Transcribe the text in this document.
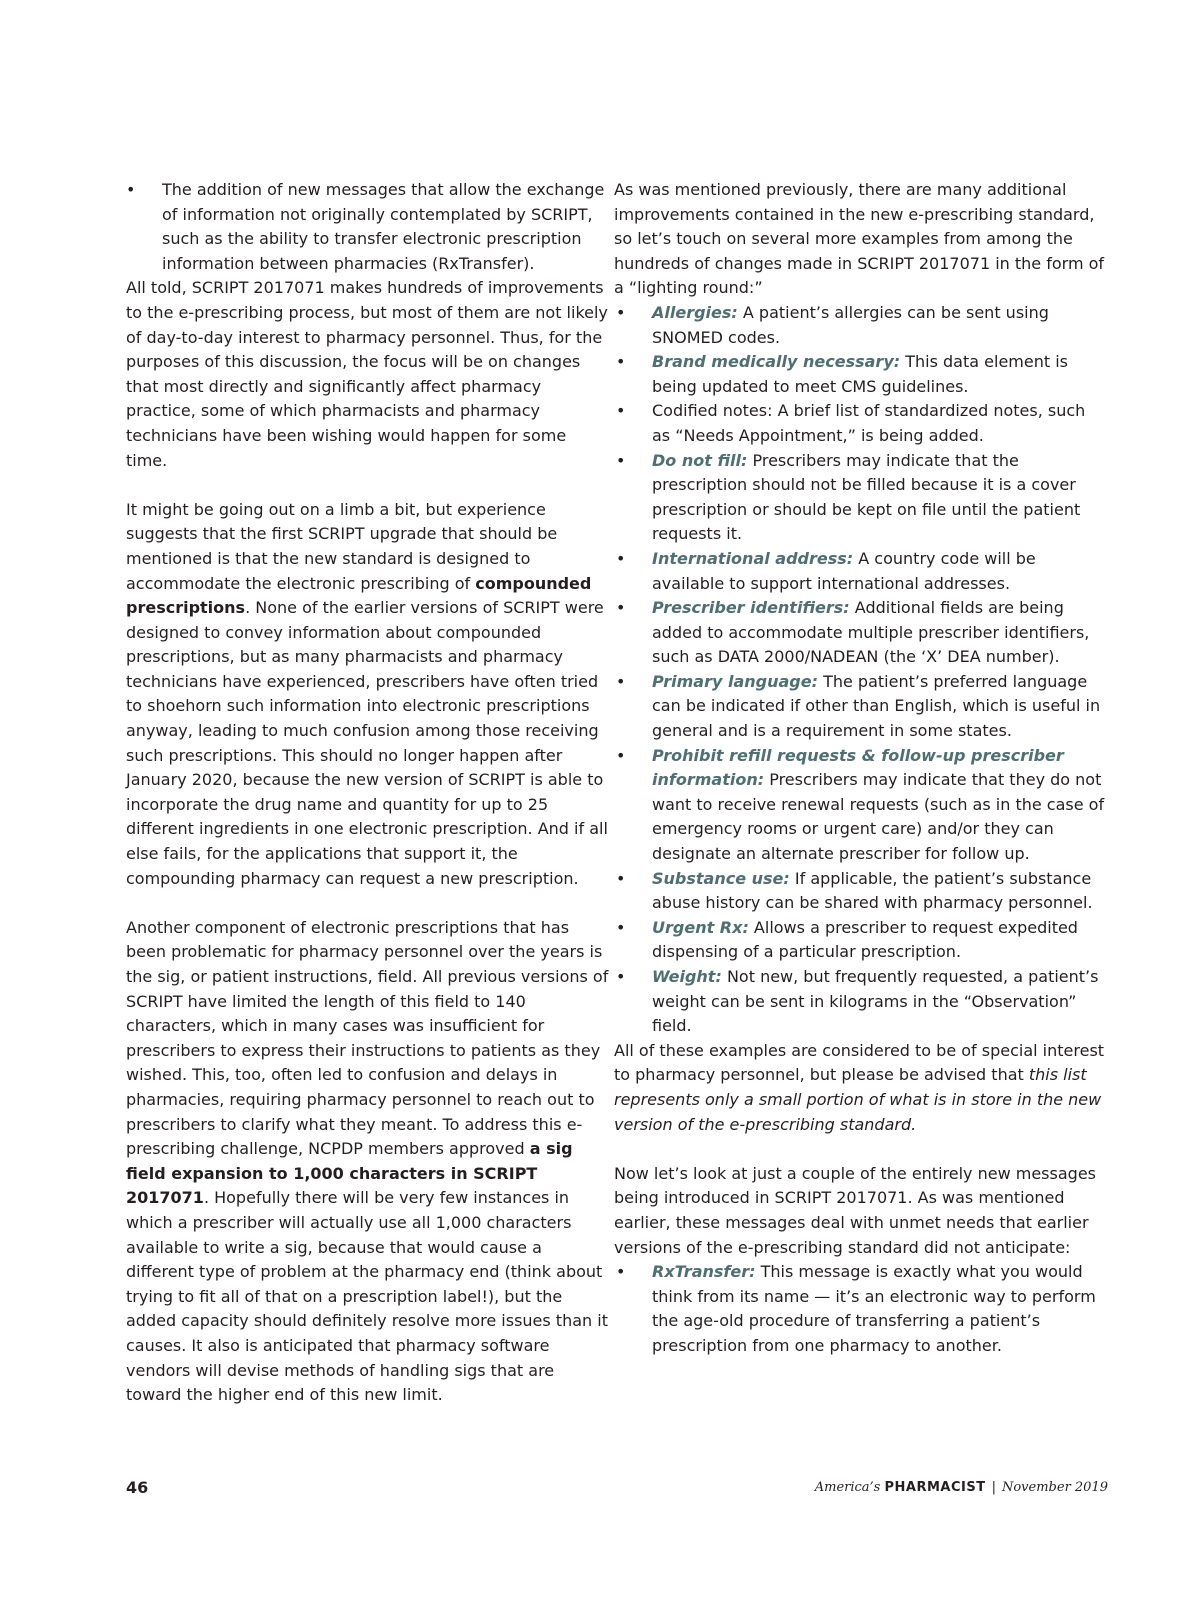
• The addition of new messages that allow the exchange of information not originally contemplated by SCRIPT, such as the ability to transfer electronic prescription information between pharmacies (RxTransfer).

All told, SCRIPT 2017071 makes hundreds of improvements to the e-prescribing process, but most of them are not likely of day-to-day interest to pharmacy personnel. Thus, for the purposes of this discussion, the focus will be on changes that most directly and significantly affect pharmacy practice, some of which pharmacists and pharmacy technicians have been wishing would happen for some time.

It might be going out on a limb a bit, but experience suggests that the first SCRIPT upgrade that should be mentioned is that the new standard is designed to accommodate the electronic prescribing of compounded prescriptions. None of the earlier versions of SCRIPT were designed to convey information about compounded prescriptions, but as many pharmacists and pharmacy technicians have experienced, prescribers have often tried to shoehorn such information into electronic prescriptions anyway, leading to much confusion among those receiving such prescriptions. This should no longer happen after January 2020, because the new version of SCRIPT is able to incorporate the drug name and quantity for up to 25 different ingredients in one electronic prescription. And if all else fails, for the applications that support it, the compounding pharmacy can request a new prescription.

Another component of electronic prescriptions that has been problematic for pharmacy personnel over the years is the sig, or patient instructions, field. All previous versions of SCRIPT have limited the length of this field to 140 characters, which in many cases was insufficient for prescribers to express their instructions to patients as they wished. This, too, often led to confusion and delays in pharmacies, requiring pharmacy personnel to reach out to prescribers to clarify what they meant. To address this e-prescribing challenge, NCPDP members approved a sig field expansion to 1,000 characters in SCRIPT 2017071. Hopefully there will be very few instances in which a prescriber will actually use all 1,000 characters available to write a sig, because that would cause a different type of problem at the pharmacy end (think about trying to fit all of that on a prescription label!), but the added capacity should definitely resolve more issues than it causes. It also is anticipated that pharmacy software vendors will devise methods of handling sigs that are toward the higher end of this new limit.

As was mentioned previously, there are many additional improvements contained in the new e-prescribing standard, so let’s touch on several more examples from among the hundreds of changes made in SCRIPT 2017071 in the form of a “lighting round:”
• Allergies: A patient’s allergies can be sent using SNOMED codes.
• Brand medically necessary: This data element is being updated to meet CMS guidelines.
• Codified notes: A brief list of standardized notes, such as “Needs Appointment,” is being added.
• Do not fill: Prescribers may indicate that the prescription should not be filled because it is a cover prescription or should be kept on file until the patient requests it.
• International address: A country code will be available to support international addresses.
• Prescriber identifiers: Additional fields are being added to accommodate multiple prescriber identifiers, such as DATA 2000/NADEAN (the ‘X’ DEA number).
• Primary language: The patient’s preferred language can be indicated if other than English, which is useful in general and is a requirement in some states.
• Prohibit refill requests & follow-up prescriber information: Prescribers may indicate that they do not want to receive renewal requests (such as in the case of emergency rooms or urgent care) and/or they can designate an alternate prescriber for follow up.
• Substance use: If applicable, the patient’s substance abuse history can be shared with pharmacy personnel.
• Urgent Rx: Allows a prescriber to request expedited dispensing of a particular prescription.
• Weight: Not new, but frequently requested, a patient’s weight can be sent in kilograms in the “Observation” field.

All of these examples are considered to be of special interest to pharmacy personnel, but please be advised that this list represents only a small portion of what is in store in the new version of the e-prescribing standard.

Now let’s look at just a couple of the entirely new messages being introduced in SCRIPT 2017071. As was mentioned earlier, these messages deal with unmet needs that earlier versions of the e-prescribing standard did not anticipate:
• RxTransfer: This message is exactly what you would think from its name — it’s an electronic way to perform the age-old procedure of transferring a patient’s prescription from one pharmacy to another.
46	America’s PHARMACIST | November 2019
